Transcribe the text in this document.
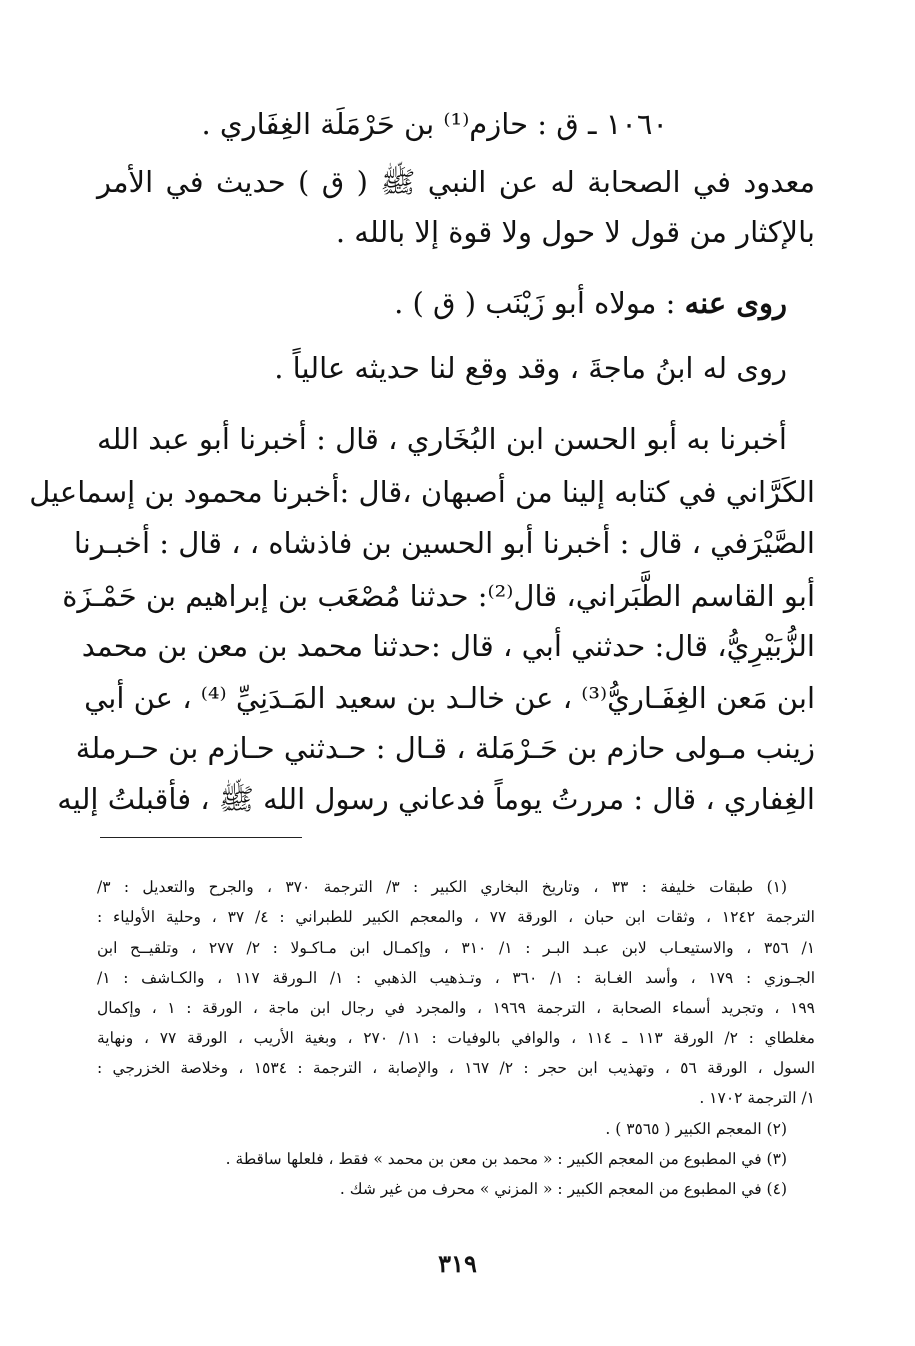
١٠٦٠ ـ ق : حازم⁽¹⁾ بن حَرْمَلَة الغِفَاري .
معدود في الصحابة له عن النبي ﷺ ( ق ) حديث في الأمر
بالإكثار من قول لا حول ولا قوة إلا بالله .
روى عنه : مولاه أبو زَيْنَب ( ق ) .
روى له ابنُ ماجةَ ، وقد وقع لنا حديثه عالياً .
أخبرنا به أبو الحسن ابن البُخَاري ، قال : أخبرنا أبو عبد الله
الكَرَّاني في كتابه إلينا من أصبهان ،قال :أخبرنا محمود بن إسماعيل
الصَّيْرَفي ، قال : أخبرنا أبو الحسين بن فاذشاه ، ، قال : أخبـرنا
أبو القاسم الطَّبَراني، قال⁽²⁾: حدثنا مُصْعَب بن إبراهيم بن حَمْـزَة
الزُّبَيْرِيُّ، قال: حدثني أبي ، قال :حدثنا محمد بن معن بن محمد
ابن مَعن الغِفَـاريُّ⁽³⁾ ، عن خالـد بن سعيد المَـدَنِيِّ ⁽⁴⁾ ، عن أبي
زينب مـولى حازم بن حَـرْمَلة ، قـال : حـدثني حـازم بن حـرملة
الغِفاري ، قال : مررتُ يوماً فدعاني رسول الله ﷺ ، فأقبلتُ إليه
(١) طبقات خليفة : ٣٣ ، وتاريخ البخاري الكبير : ٣/ الترجمة ٣٧٠ ، والجرح والتعديل : ٣/
الترجمة ١٢٤٢ ، وثقات ابن حبان ، الورقة ٧٧ ، والمعجم الكبير للطبراني : ٤/ ٣٧ ، وحلية الأولياء :
١/ ٣٥٦ ، والاستيعـاب لابن عبـد البـر : ١/ ٣١٠ ، وإكمـال ابن مـاكـولا : ٢/ ٢٧٧ ، وتلقيــح ابن
الجـوزي : ١٧٩ ، وأسد الغـابة : ١/ ٣٦٠ ، وتـذهيب الذهبي : ١/ الـورقة ١١٧ ، والكـاشف : ١/
١٩٩ ، وتجريد أسماء الصحابة ، الترجمة ١٩٦٩ ، والمجرد في رجال ابن ماجة ، الورقة : ١ ، وإكمال
مغلطاي : ٢/ الورقة ١١٣ ـ ١١٤ ، والوافي بالوفيات : ١١/ ٢٧٠ ، وبغية الأريب ، الورقة ٧٧ ، ونهاية
السول ، الورقة ٥٦ ، وتهذيب ابن حجر : ٢/ ١٦٧ ، والإصابة ، الترجمة : ١٥٣٤ ، وخلاصة الخزرجي :
١/ الترجمة ١٧٠٢ .
(٢) المعجم الكبير ( ٣٥٦٥ ) .
(٣) في المطبوع من المعجم الكبير : « محمد بن معن بن محمد » فقط ، فلعلها ساقطة .
(٤) في المطبوع من المعجم الكبير : « المزني » محرف من غير شك .
٣١٩
